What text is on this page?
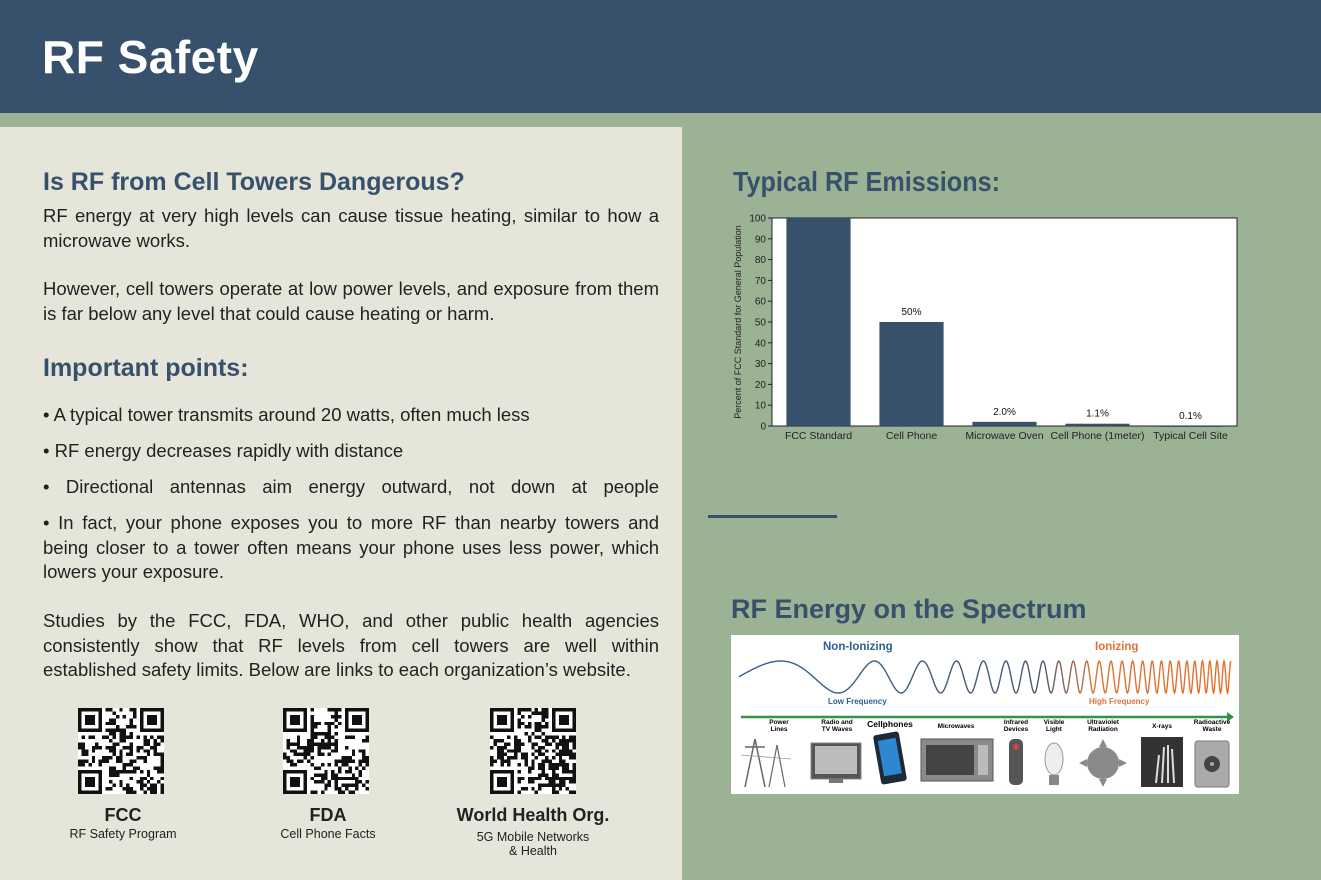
RF Safety
Is RF from Cell Towers Dangerous?

RF energy at very high levels can cause tissue heating, similar to how a microwave works.

However, cell towers operate at low power levels, and exposure from them is far below any level that could cause heating or harm.

Important points:

• A typical tower transmits around 20 watts, often much less

• RF energy decreases rapidly with distance

• Directional antennas aim energy outward, not down at people

• In fact, your phone exposes you to more RF than nearby towers and being closer to a tower often means your phone uses less power, which lowers your exposure.

Studies by the FCC, FDA, WHO, and other public health agencies consistently show that RF levels from cell towers are well within established safety limits. Below are links to each organization’s website.

FCC

RF Safety Program

FDA

Cell Phone Facts

World Health Org.

5G Mobile Networks & Health

Typical RF Emissions:
0
10
20
30
40
50
60
70
80
90
100
Percent of FCC Standard for General Population
FCC Standard
50%
Cell Phone
2.0%
Microwave Oven
1.1%
Cell Phone (1meter)
0.1%
Typical Cell Site
RF Energy on the Spectrum
Non-Ionizing	Ionizing
Low Frequency	High Frequency
Power Lines
Radio and TV Waves
Cellphones	Microwaves
Infrared Devices
Visible Light
Ultraviolet Radiation	X-rays
Radioactive Waste
